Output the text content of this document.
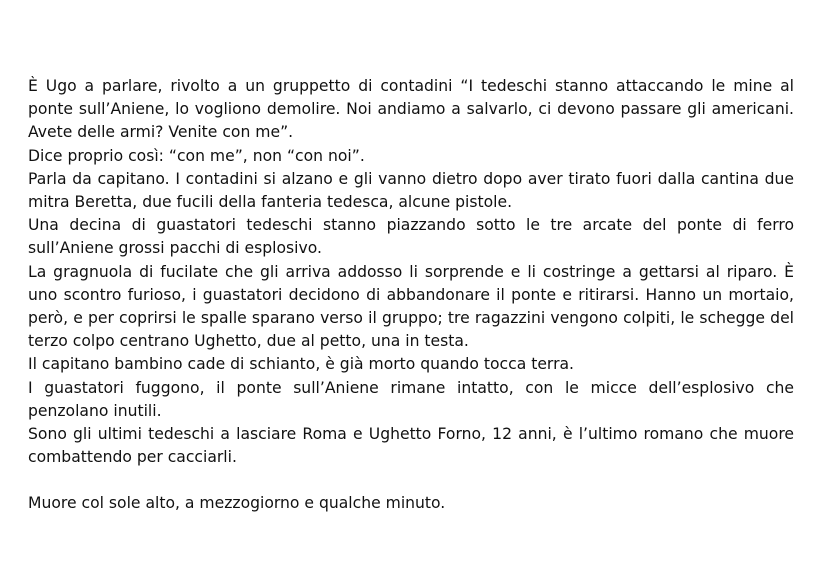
È Ugo a parlare, rivolto a un gruppetto di contadini “I tedeschi stanno attaccando le mine al ponte sull’Aniene, lo vogliono demolire. Noi andiamo a salvarlo, ci devono passare gli americani. Avete delle armi? Venite con me”.

Dice proprio così: “con me”, non “con noi”.

Parla da capitano. I contadini si alzano e gli vanno dietro dopo aver tirato fuori dalla cantina due mitra Beretta, due fucili della fanteria tedesca, alcune pistole.

Una decina di guastatori tedeschi stanno piazzando sotto le tre arcate del ponte di ferro sull’Aniene grossi pacchi di esplosivo.

La gragnuola di fucilate che gli arriva addosso li sorprende e li costringe a gettarsi al riparo. È uno scontro furioso, i guastatori decidono di abbandonare il ponte e ritirarsi. Hanno un mortaio, però, e per coprirsi le spalle sparano verso il gruppo; tre ragazzini vengono colpiti, le schegge del terzo colpo centrano Ughetto, due al petto, una in testa.

Il capitano bambino cade di schianto, è già morto quando tocca terra.

I guastatori fuggono, il ponte sull’Aniene rimane intatto, con le micce dell’esplosivo che penzolano inutili.

Sono gli ultimi tedeschi a lasciare Roma e Ughetto Forno, 12 anni, è l’ultimo romano che muore combattendo per cacciarli.

Muore col sole alto, a mezzogiorno e qualche minuto.
